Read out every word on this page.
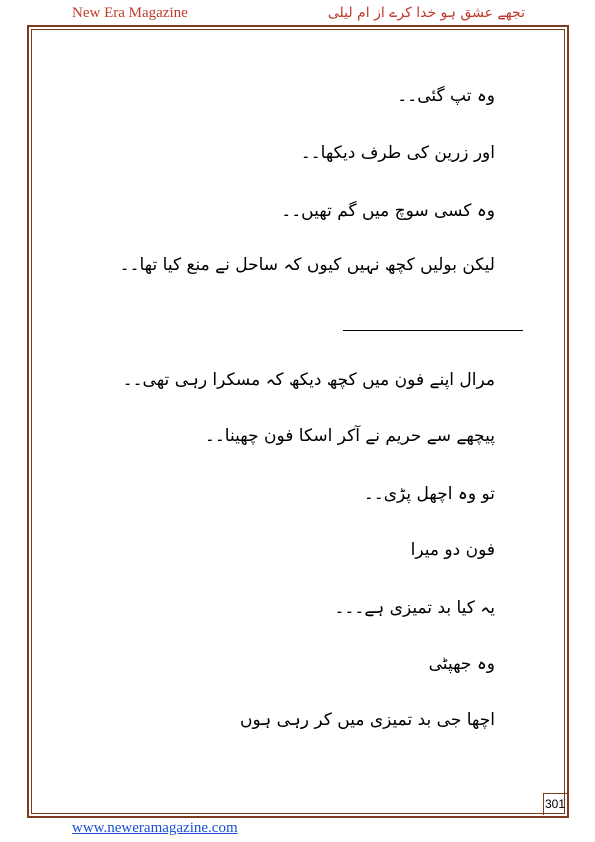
New Era Magazine	تجھے عشق ہو خدا کرے از ام لیلی
وہ تپ گئی۔۔
اور زرین کی طرف دیکھا۔۔
وہ کسی سوچ میں گم تھیں۔۔
لیکن بولیں کچھ نہیں کیوں کہ ساحل نے منع کیا تھا۔۔
مرال اپنے فون میں کچھ دیکھ کہ مسکرا رہی تھی۔۔
پیچھے سے حریم نے آکر اسکا فون چھینا۔۔
تو وہ اچھل پڑی۔۔
فون دو میرا
یہ کیا بد تمیزی ہے۔۔۔
وہ جھپٹی
اچھا جی بد تمیزی میں کر رہی ہوں
301
www.neweramagazine.com
